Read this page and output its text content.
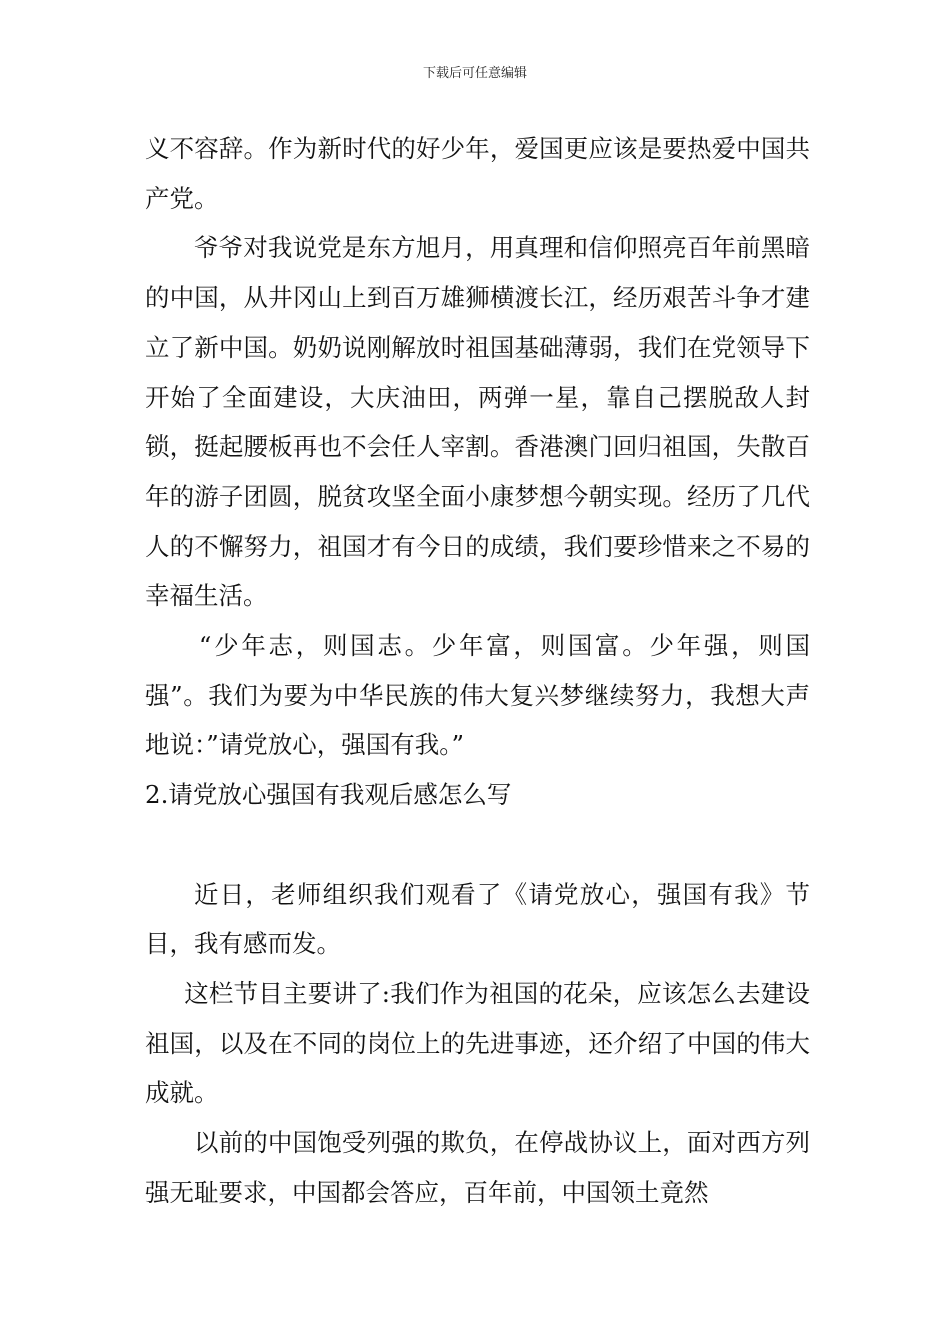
下载后可任意编辑

义不容辞。作为新时代的好少年，爱国更应该是要热爱中国共产党。

爷爷对我说党是东方旭月，用真理和信仰照亮百年前黑暗的中国，从井冈山上到百万雄狮横渡长江，经历艰苦斗争才建立了新中国。奶奶说刚解放时祖国基础薄弱，我们在党领导下开始了全面建设，大庆油田，两弹一星，靠自己摆脱敌人封锁，挺起腰板再也不会任人宰割。香港澳门回归祖国，失散百年的游子团圆，脱贫攻坚全面小康梦想今朝实现。经历了几代人的不懈努力，祖国才有今日的成绩，我们要珍惜来之不易的幸福生活。

“少年志，则国志。少年富，则国富。少年强，则国强”。我们为要为中华民族的伟大复兴梦继续努力，我想大声地说：”请党放心，强国有我。”

2.请党放心强国有我观后感怎么写

近日，老师组织我们观看了《请党放心，强国有我》节目，我有感而发。

这栏节目主要讲了:我们作为祖国的花朵，应该怎么去建设祖国，以及在不同的岗位上的先进事迹，还介绍了中国的伟大成就。

以前的中国饱受列强的欺负，在停战协议上，面对西方列强无耻要求，中国都会答应，百年前，中国领土竟然
